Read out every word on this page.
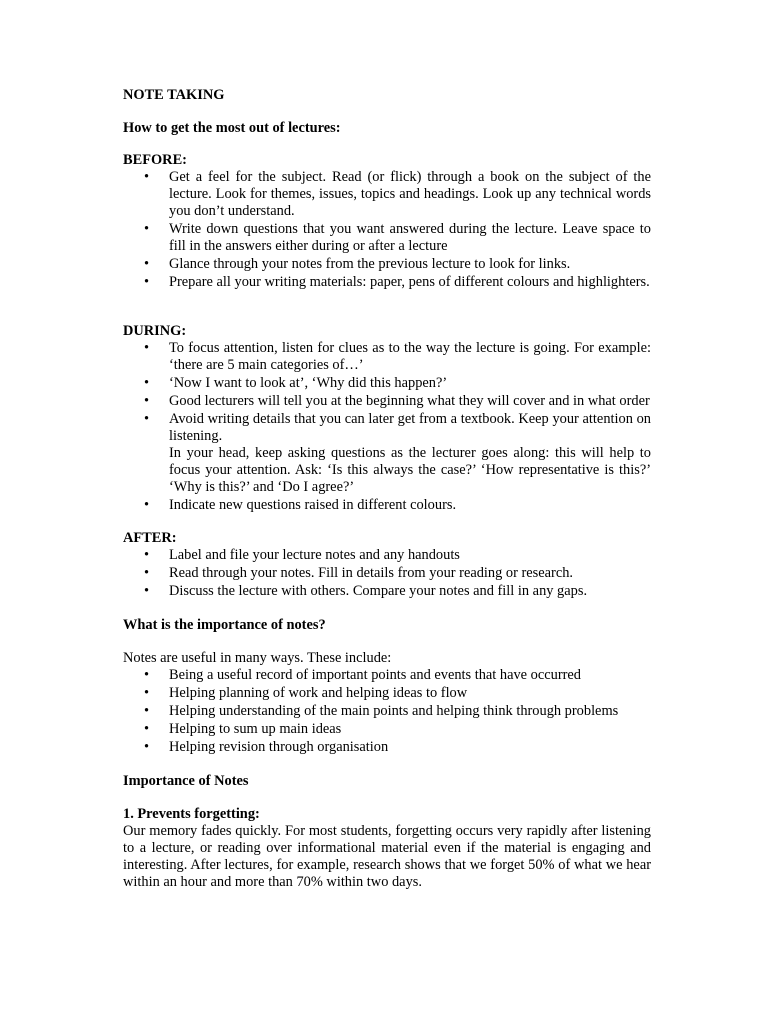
NOTE TAKING

How to get the most out of lectures:

BEFORE:

• Get a feel for the subject. Read (or flick) through a book on the subject of the lecture. Look for themes, issues, topics and headings. Look up any technical words you don’t understand.
• Write down questions that you want answered during the lecture. Leave space to fill in the answers either during or after a lecture
• Glance through your notes from the previous lecture to look for links.
• Prepare all your writing materials: paper, pens of different colours and highlighters.

DURING:

• To focus attention, listen for clues as to the way the lecture is going. For example: ‘there are 5 main categories of…’
• ‘Now I want to look at’, ‘Why did this happen?’
• Good lecturers will tell you at the beginning what they will cover and in what order
• Avoid writing details that you can later get from a textbook. Keep your attention on listening.
In your head, keep asking questions as the lecturer goes along: this will help to focus your attention. Ask: ‘Is this always the case?’ ‘How representative is this?’ ‘Why is this?’ and ‘Do I agree?’
• Indicate new questions raised in different colours.

AFTER:

• Label and file your lecture notes and any handouts
• Read through your notes. Fill in details from your reading or research.
• Discuss the lecture with others. Compare your notes and fill in any gaps.

What is the importance of notes?

Notes are useful in many ways. These include:

• Being a useful record of important points and events that have occurred
• Helping planning of work and helping ideas to flow
• Helping understanding of the main points and helping think through problems
• Helping to sum up main ideas
• Helping revision through organisation

Importance of Notes

1. Prevents forgetting:

Our memory fades quickly. For most students, forgetting occurs very rapidly after listening to a lecture, or reading over informational material even if the material is engaging and interesting. After lectures, for example, research shows that we forget 50% of what we hear within an hour and more than 70% within two days.
